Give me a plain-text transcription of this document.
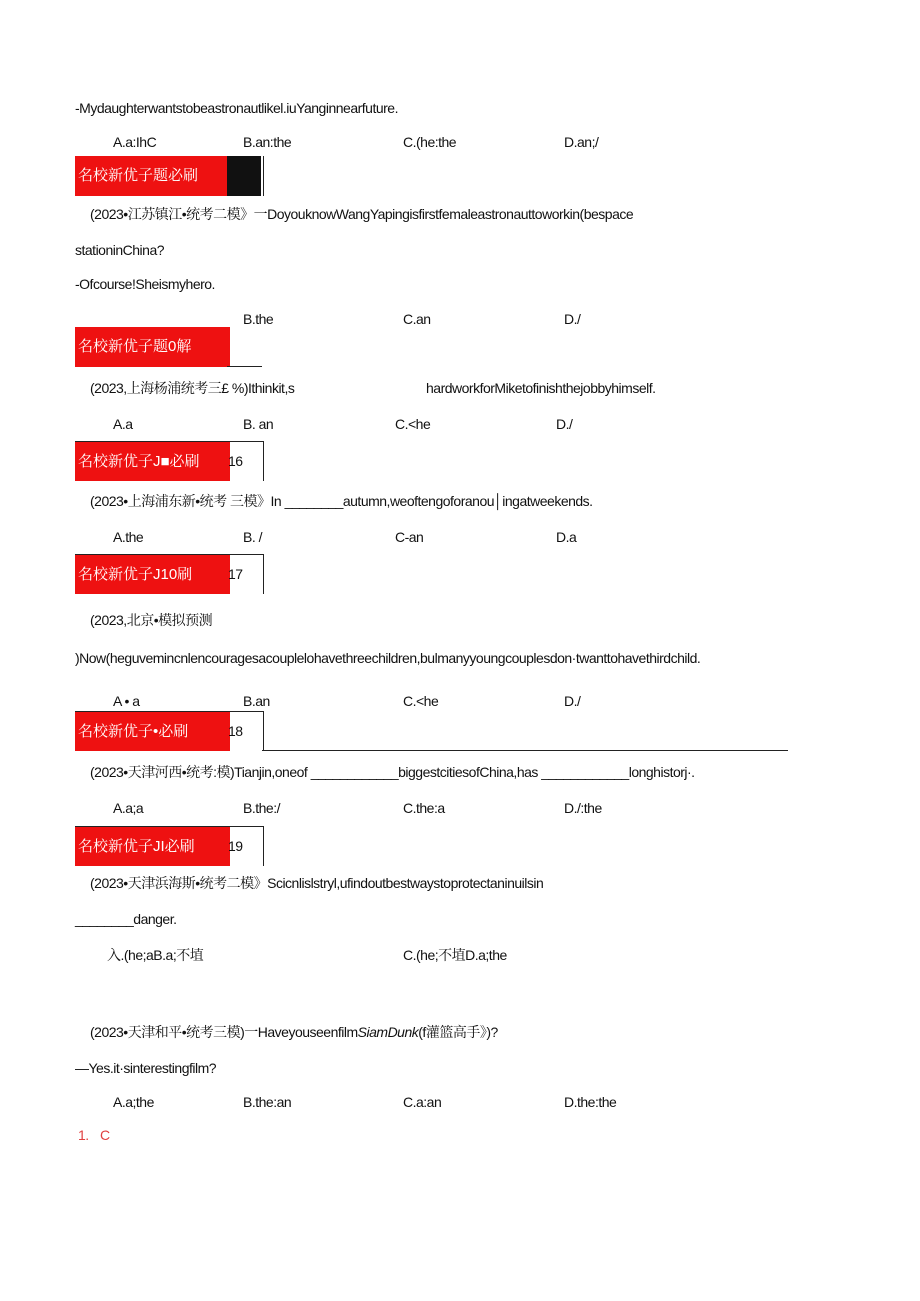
-Mydaughterwantstobeastronautlikel.iuYanginnearfuture.
A.a:IhC	B.an:the	C.(he:the	D.an;/
名校新优子题必刷
(2023•江苏镇江•统考二模》一DoyouknowWangYapingisfirstfemaleastronauttoworkin(bespace
stationinChina?
-Ofcourse!Sheismyhero.
B.the	C.an	D./
名校新优子题0解
(2023,上海杨浦统考三£ %)Ithinkit,s	hardworkforMiketofinishthejobbyhimself.
A.a	B. an	C.<he	D./
名校新优子J■必刷	16
(2023•上海浦东新•统考 三模》In ________autumn,weoftengoforanou│ingatweekends.
A.the	B. /	C-an	D.a
名校新优子J10刷	17
(2023,北京•模拟预测
)Now(heguvemincnlencouragesacouplelohavethreechildren,bulmanyyoungcouplesdon·twanttohavethirdchild.
A • a	B.an	C.<he	D./
名校新优子•必刷	18
(2023•天津河西•统考:模)Tianjin,oneof ____________biggestcitiesofChina,has ____________longhistorj·.
A.a;a	B.the:/	C.the:a	D./:the
名校新优子JI必刷	19
(2023•天津浜海斯•统考二模》Scicnlislstryl,ufindoutbestwaystoprotectaninuilsin
________danger.
入.(he;aB.a;不埴	C.(he;不埴D.a;the
(2023•天津和平•统考三模)一HaveyouseenfilmSiamDunk(f灌篮高手》)?
—Yes.it·sinterestingfilm?
A.a;the	B.the:an	C.a:an	D.the:the
1. C
